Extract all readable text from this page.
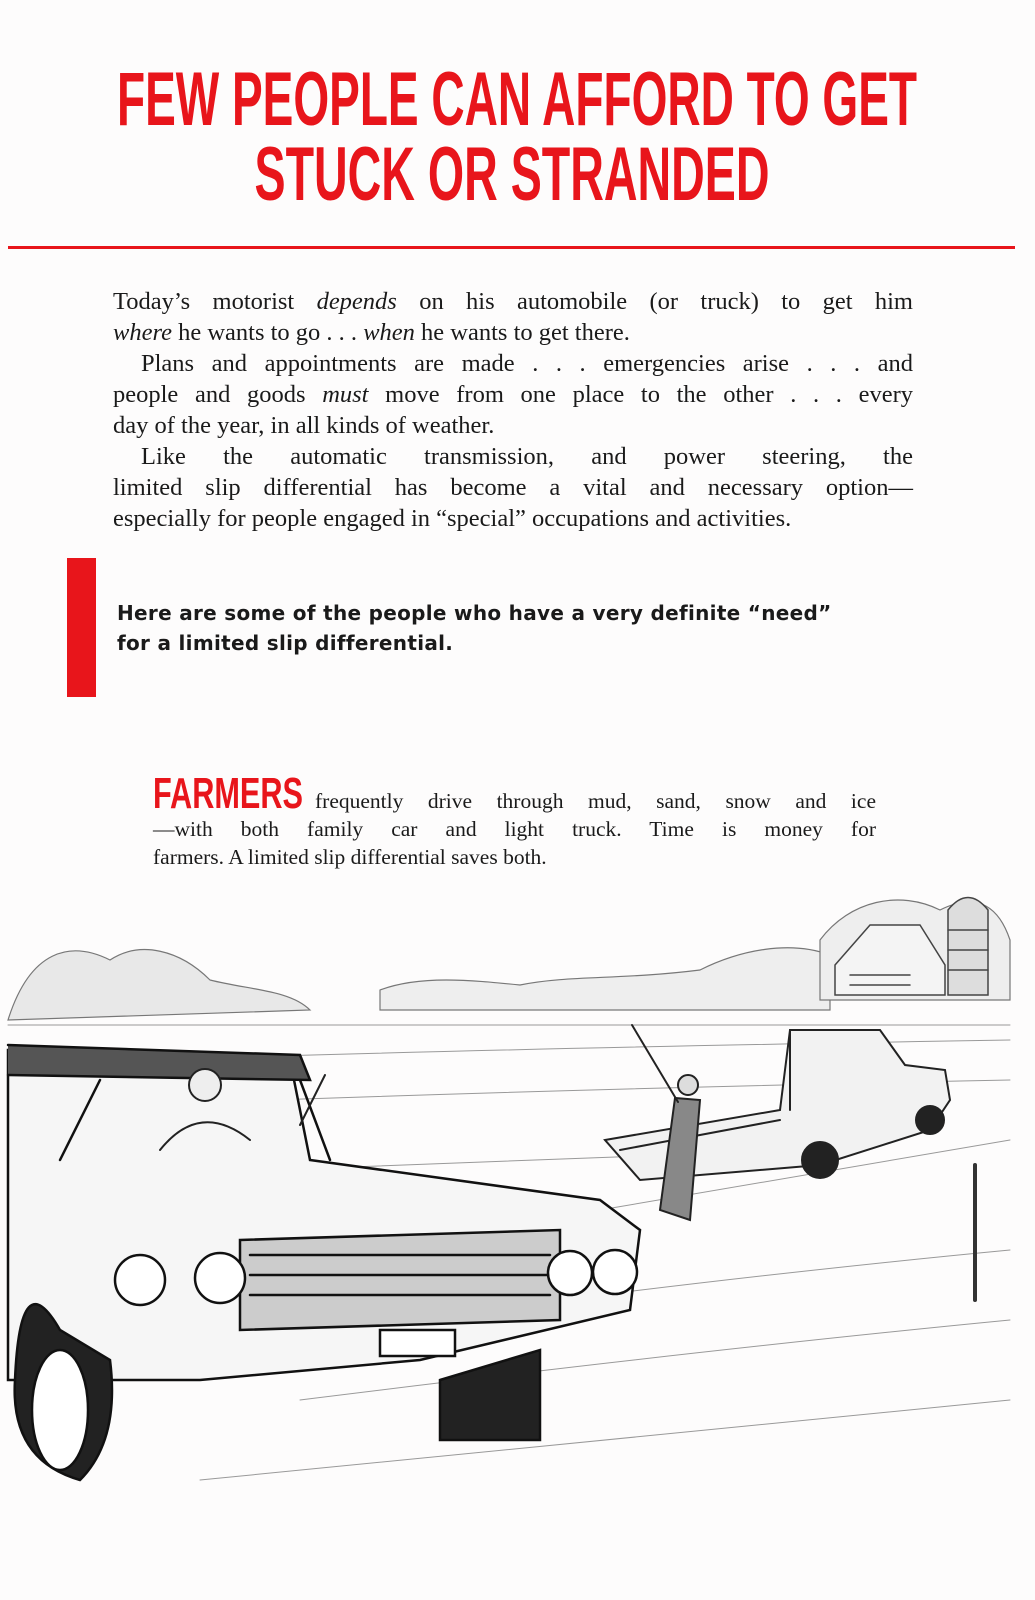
FEW PEOPLE CAN AFFORD TO GET
STUCK OR STRANDED
Today’s motorist depends on his automobile (or truck) to get him
where he wants to go . . . when he wants to get there.
Plans and appointments are made . . . emergencies arise . . . and
people and goods must move from one place to the other . . . every
day of the year, in all kinds of weather.
Like the automatic transmission, and power steering, the
limited slip differential has become a vital and necessary option—
especially for people engaged in “special” occupations and activities.
Here are some of the people who have a very definite “need”
for a limited slip differential.
FARMERS frequently drive through mud, sand, snow and ice
—with both family car and light truck. Time is money for
farmers. A limited slip differential saves both.
